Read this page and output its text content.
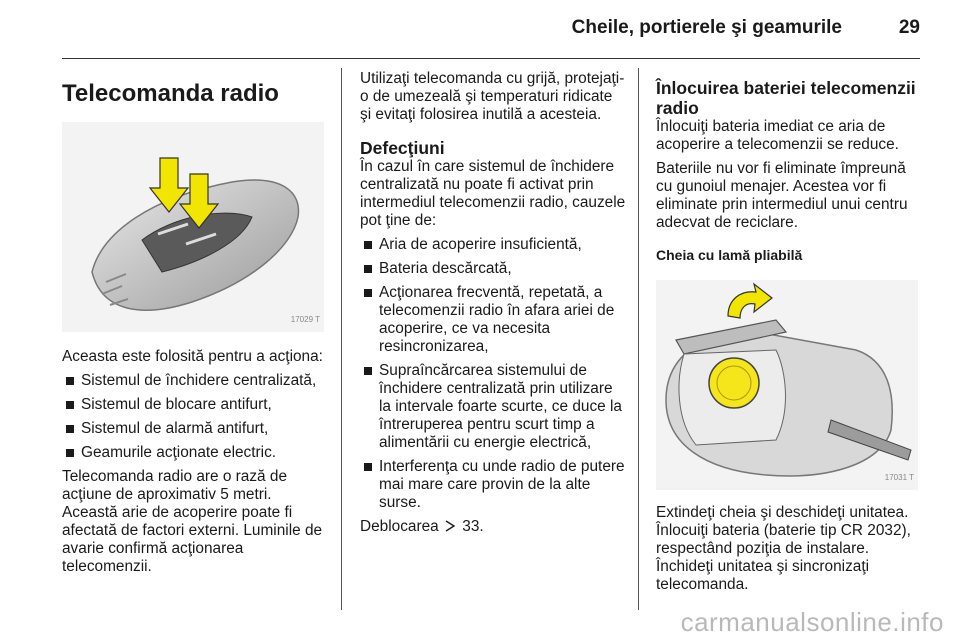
Cheile, portierele şi geamurile	29
Telecomanda radio
17029 T

Aceasta este folosită pentru a acţiona:

Sistemul de închidere centralizată,
Sistemul de blocare antifurt,
Sistemul de alarmă antifurt,
Geamurile acţionate electric.

Telecomanda radio are o rază de acţiune de aproximativ 5 metri. Această arie de acoperire poate fi afectată de factori externi. Luminile de avarie confirmă acţionarea telecomenzii.

Utilizaţi telecomanda cu grijă, protejaţi-o de umezeală şi temperaturi ridicate şi evitaţi folosirea inutilă a acesteia.

Defecţiuni

În cazul în care sistemul de închidere centralizată nu poate fi activat prin intermediul telecomenzii radio, cauzele pot ţine de:

Aria de acoperire insuficientă,
Bateria descărcată,
Acţionarea frecventă, repetată, a telecomenzii radio în afara ariei de acoperire, ce va necesita resincronizarea,
Supraîncărcarea sistemului de închidere centralizată prin utilizare la intervale foarte scurte, ce duce la întreruperea pentru scurt timp a alimentării cu energie electrică,
Interferenţa cu unde radio de putere mai mare care provin de la alte surse.

Deblocarea 33.

Înlocuirea bateriei telecomenzii radio

Înlocuiţi bateria imediat ce aria de acoperire a telecomenzii se reduce.

Bateriile nu vor fi eliminate împreună cu gunoiul menajer. Acestea vor fi eliminate prin intermediul unui centru adecvat de reciclare.

Cheia cu lamă pliabilă
17031 T

Extindeţi cheia şi deschideţi unitatea. Înlocuiţi bateria (baterie tip CR 2032), respectând poziţia de instalare. Închideţi unitatea şi sincronizaţi telecomanda.

carmanualsonline.info
